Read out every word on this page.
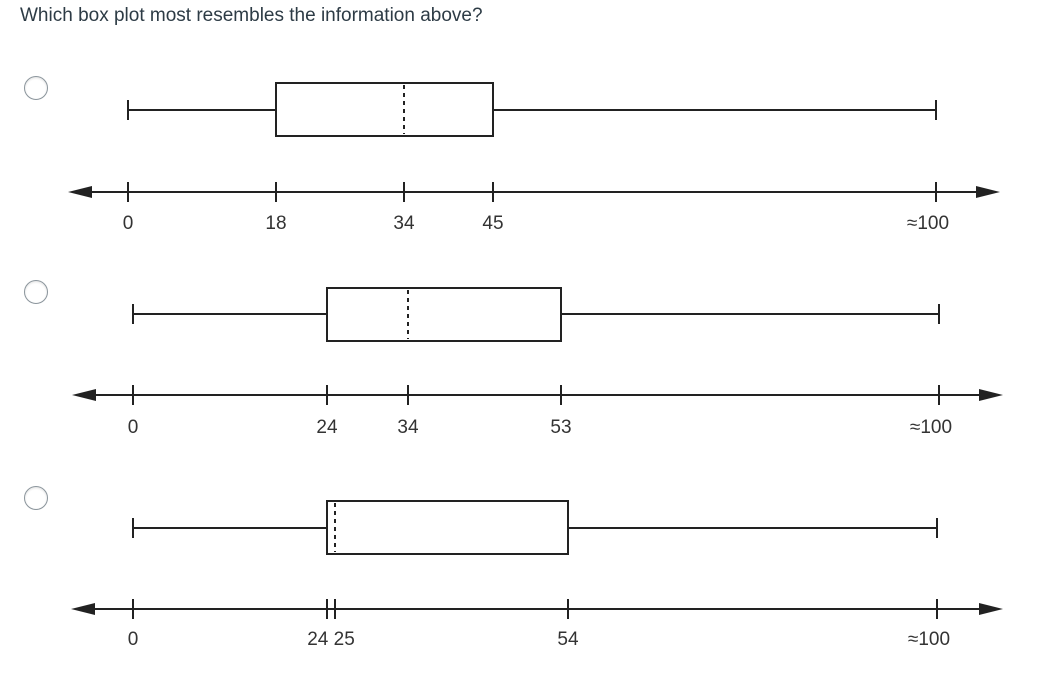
Which box plot most resembles the information above?

0	18	34	45	≈100
0	24	34	53	≈100
0	24 25	54	≈100
